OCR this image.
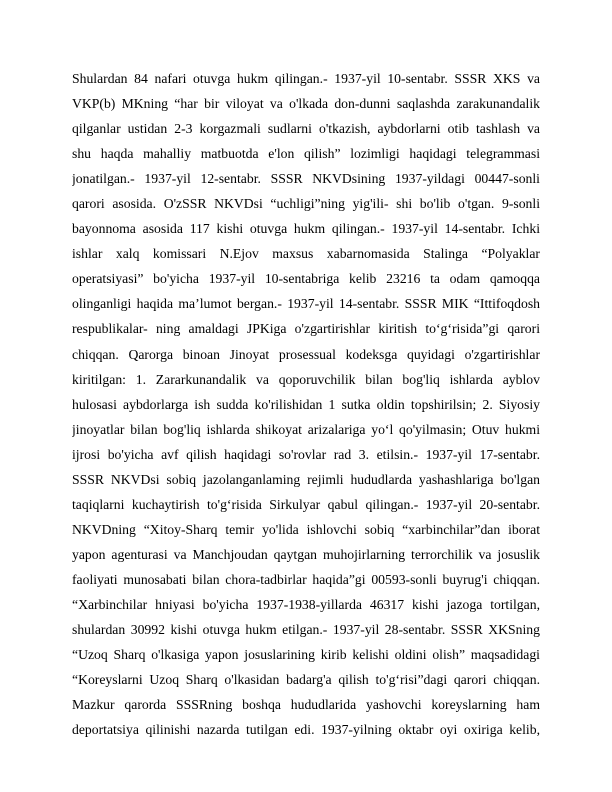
Shulardan 84 nafari otuvga hukm qilingan.- 1937-yil 10-sentabr. SSSR XKS va
VKP(b) MKning “har bir viloyat va o'lkada don-dunni saqlashda zarakunandalik
qilganlar ustidan 2-3 korgazmali sudlarni o'tkazish, aybdorlarni otib tashlash va
shu haqda mahalliy matbuotda e'lon qilish” lozimligi haqidagi telegrammasi
jonatilgan.- 1937-yil 12-sentabr. SSSR NKVDsining 1937-yildagi 00447-sonli
qarori asosida. O'zSSR NKVDsi “uchligi”ning yig'ili- shi bo'lib o'tgan. 9-sonli
bayonnoma asosida 117 kishi otuvga hukm qilingan.- 1937-yil 14-sentabr. Ichki
ishlar xalq komissari N.Ejov maxsus xabarnomasida Stalinga “Polyaklar
operatsiyasi” bo'yicha 1937-yil 10-sentabriga kelib 23216 ta odam qamoqqa
olinganligi haqida ma’lumot bergan.- 1937-yil 14-sentabr. SSSR MIK “Ittifoqdosh
respublikalar- ning amaldagi JPKiga o'zgartirishlar kiritish to‘g‘risida”gi qarori
chiqqan. Qarorga binoan Jinoyat prosessual kodeksga quyidagi o'zgartirishlar
kiritilgan: 1. Zararkunandalik va qoporuvchilik bilan bog'liq ishlarda ayblov
hulosasi aybdorlarga ish sudda ko'rilishidan 1 sutka oldin topshirilsin; 2. Siyosiy
jinoyatlar bilan bog'liq ishlarda shikoyat arizalariga yo‘l qo'yilmasin; Otuv hukmi
ijrosi bo'yicha avf qilish haqidagi so'rovlar rad 3. etilsin.- 1937-yil 17-sentabr.
SSSR NKVDsi sobiq jazolanganlaming rejimli hududlarda yashashlariga bo'lgan
taqiqlarni kuchaytirish to'g‘risida Sirkulyar qabul qilingan.- 1937-yil 20-sentabr.
NKVDning “Xitoy-Sharq temir yo'lida ishlovchi sobiq “xarbinchilar”dan iborat
yapon agenturasi va Manchjoudan qaytgan muhojirlarning terrorchilik va josuslik
faoliyati munosabati bilan chora-tadbirlar haqida”gi 00593-sonli buyrug'i chiqqan.
“Xarbinchilar hniyasi bo'yicha 1937-1938-yillarda 46317 kishi jazoga tortilgan,
shulardan 30992 kishi otuvga hukm etilgan.- 1937-yil 28-sentabr. SSSR XKSning
“Uzoq Sharq o'lkasiga yapon josuslarining kirib kelishi oldini olish” maqsadidagi
“Koreyslarni Uzoq Sharq o'lkasidan badarg'a qilish to'g‘risi”dagi qarori chiqqan.
Mazkur qarorda SSSRning boshqa hududlarida yashovchi koreyslarning ham
deportatsiya qilinishi nazarda tutilgan edi. 1937-yilning oktabr oyi oxiriga kelib,
